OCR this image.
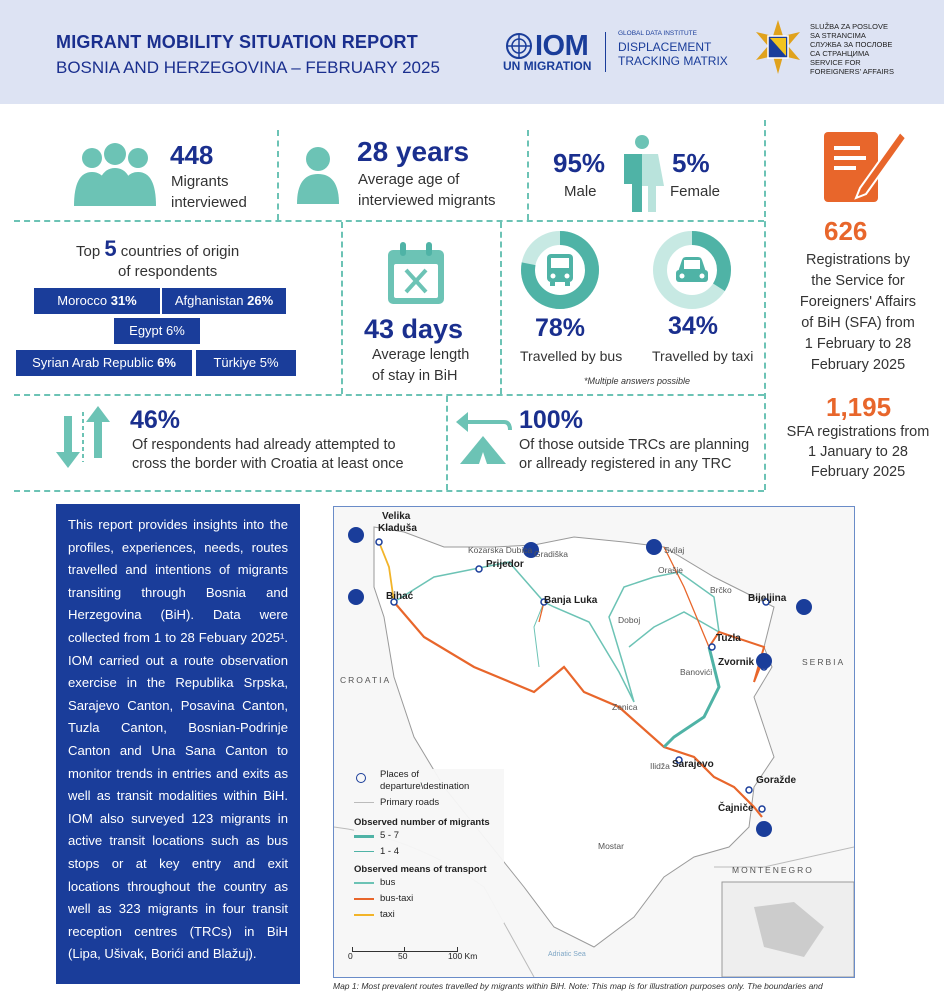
MIGRANT MOBILITY SITUATION REPORT
BOSNIA AND HERZEGOVINA – FEBRUARY 2025
IOM
UN MIGRATION
GLOBAL DATA INSTITUTE
DISPLACEMENT
TRACKING MATRIX
SLUŽBA ZA POSLOVE
SA STRANCIMA
СЛУЖБА ЗА ПОСЛОВЕ
СА СТРАНЦИМА
SERVICE FOR
FOREIGNERS' AFFAIRS
448
Migrants
interviewed
28 years
Average age of
interviewed migrants
95%
Male
5%
Female
626
Registrations by
the Service for
Foreigners' Affairs
of BiH (SFA) from
1 February to 28
February 2025
1,195
SFA registrations from
1 January to 28
February 2025
Top 5 countries of origin
of respondents
Morocco 31%	Afghanistan 26%
Egypt 6%
Syrian Arab Republic 6%	Türkiye 5%
43 days
Average length
of stay in BiH
78%
Travelled by bus
34%
Travelled by taxi
*Multiple answers possible
46%
Of respondents had already attempted to
cross the border with Croatia at least once
100%
Of those outside TRCs are planning
or allready registered in any TRC
This report provides insights into the profiles, experiences, needs, routes travelled and intentions of migrants transiting through Bosnia and Herzegovina (BiH). Data were collected from 1 to 28 Febuary 2025¹. IOM carried out a route observation exercise in the Republika Srpska, Sarajevo Canton, Posavina Canton, Tuzla Canton, Bosnian-Podrinje Canton and Una Sana Canton to monitor trends in entries and exits as well as transit modalities within BiH. IOM also surveyed 123 migrants in active transit locations such as bus stops or at key entry and exit locations throughout the country as well as 323 migrants in four transit reception centres (TRCs) in BiH (Lipa, Ušivak, Borići and Blažuj).
Velika
Kladuša
Bihać
Prijedor
Banja Luka	Bijeljina
Tuzla
Zvornik
Sarajevo
Goražde
Čajniče
Kozarska Dubica Gradiška	Svilaj
Orašje
Brčko
Doboj
Banovići
Zenica
Ilidža
Mostar
CROATIA
SERBIA
MONTENEGRO
Adriatic Sea
Places of
departure\destination
Primary roads
Observed number of migrants
5 - 7
1 - 4
Observed means of transport
bus
bus-taxi
taxi
0	50	100 Km
Map 1: Most prevalent routes travelled by migrants within BiH. Note: This map is for illustration purposes only. The boundaries and
